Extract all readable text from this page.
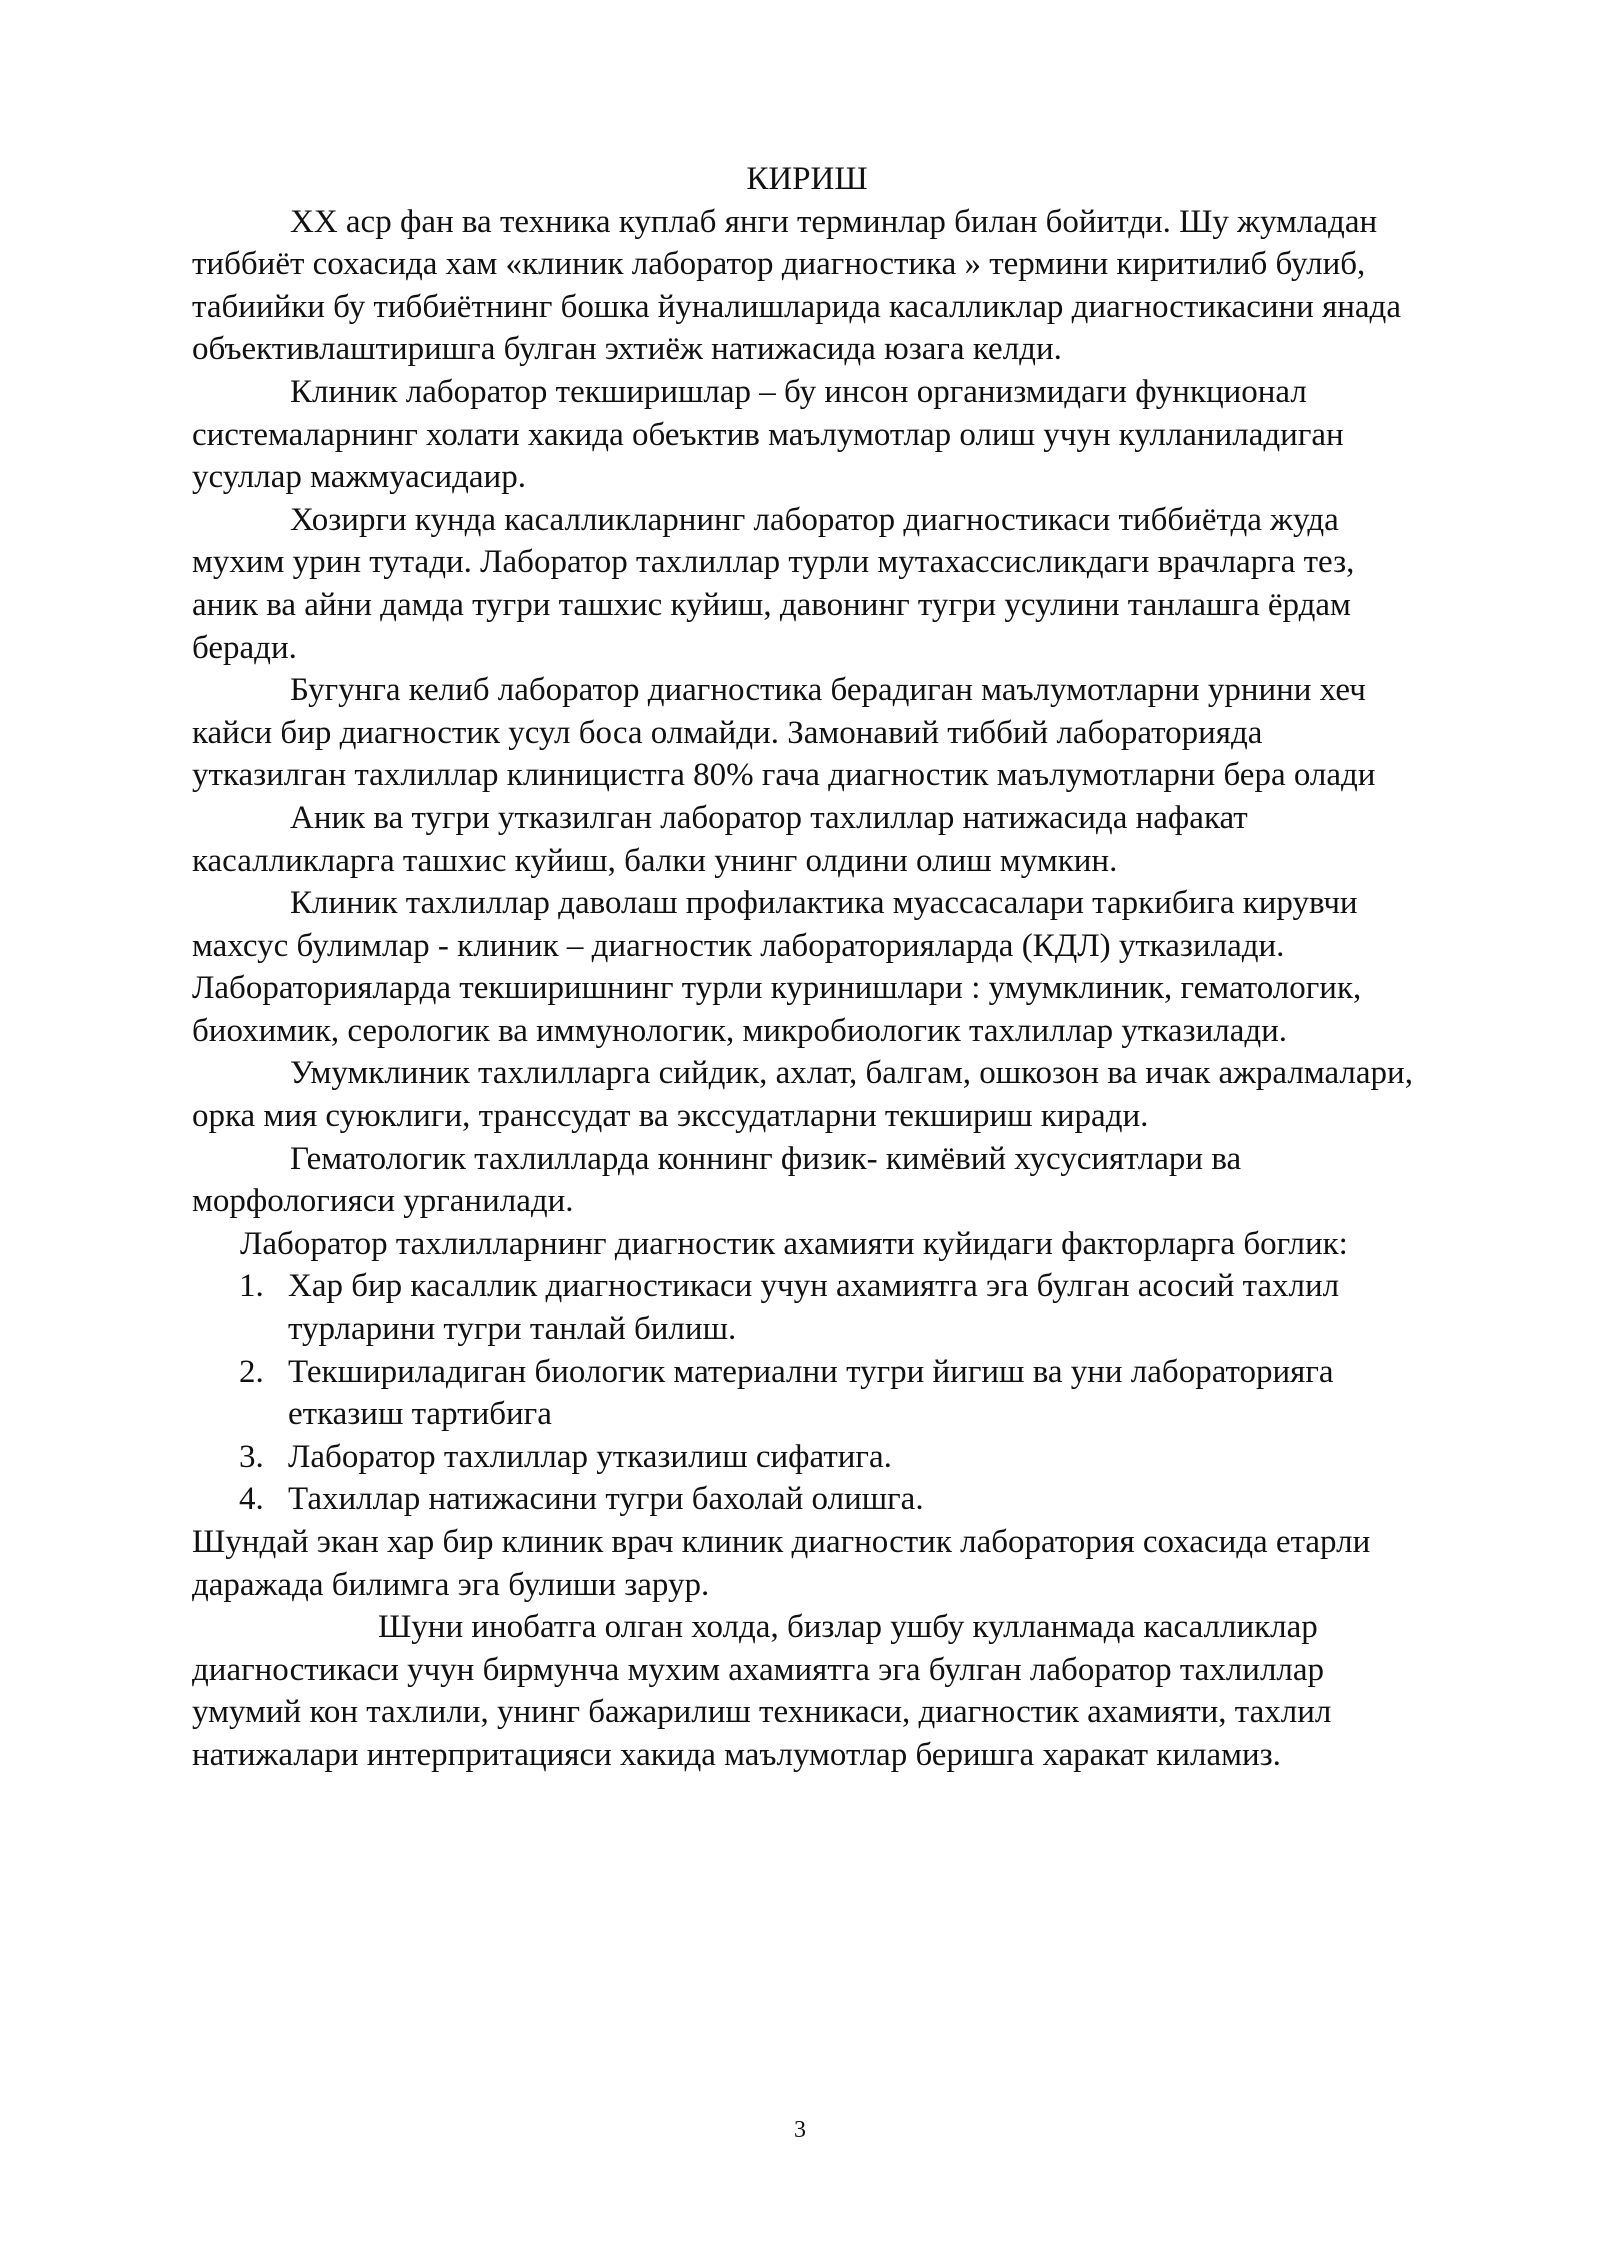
КИРИШ

XX аср фан ва техника куплаб янги терминлар билан бойитди. Шу жумладан тиббиёт сохасида хам «клиник лаборатор диагностика » термини киритилиб булиб, табиийки бу тиббиётнинг бошка йуналишларида касалликлар диагностикасини янада объективлаштиришга булган эхтиёж натижасида юзага келди.

Клиник лаборатор текширишлар – бу инсон организмидаги функционал системаларнинг холати хакида обеъктив маълумотлар олиш учун кулланиладиган усуллар мажмуасидаир.

Хозирги кунда касалликларнинг лаборатор диагностикаси тиббиётда жуда мухим урин тутади. Лаборатор тахлиллар турли мутахассисликдаги врачларга тез, аник ва айни дамда тугри ташхис куйиш, давонинг тугри усулини танлашга ёрдам беради.

Бугунга келиб лаборатор диагностика берадиган маълумотларни урнини хеч кайси бир диагностик усул боса олмайди. Замонавий тиббий лабораторияда утказилган тахлиллар клиницистга 80% гача диагностик маълумотларни бера олади

Аник ва тугри утказилган лаборатор тахлиллар натижасида нафакат касалликларга ташхис куйиш, балки унинг олдини олиш мумкин.

Клиник тахлиллар даволаш профилактика муассасалари таркибига кирувчи махсус булимлар - клиник – диагностик лабораторияларда (КДЛ) утказилади. Лабораторияларда текширишнинг турли куринишлари : умумклиник, гематологик, биохимик, серологик ва иммунологик, микробиологик тахлиллар утказилади.

Умумклиник тахлилларга сийдик, ахлат, балгам, ошкозон ва ичак ажралмалари, орка мия суюклиги, транссудат ва экссудатларни текшириш киради.

Гематологик тахлилларда коннинг физик- кимёвий хусусиятлари ва морфологияси урганилади.

Лаборатор тахлилларнинг диагностик ахамияти куйидаги факторларга боглик:

1. Хар бир касаллик диагностикаси учун ахамиятга эга булган асосий тахлил турларини тугри танлай билиш.
2. Текшириладиган биологик материални тугри йигиш ва уни лабораторияга етказиш тартибига
3. Лаборатор тахлиллар утказилиш сифатига.
4. Тахиллар натижасини тугри бахолай олишга.

Шундай экан хар бир клиник врач клиник диагностик лаборатория сохасида етарли даражада билимга эга булиши зарур.

Шуни инобатга олган холда, бизлар ушбу кулланмада касалликлар диагностикаси учун бирмунча мухим ахамиятга эга булган лаборатор тахлиллар умумий кон тахлили, унинг бажарилиш техникаси, диагностик ахамияти, тахлил натижалари интерпритацияси хакида маълумотлар беришга харакат киламиз.

3
